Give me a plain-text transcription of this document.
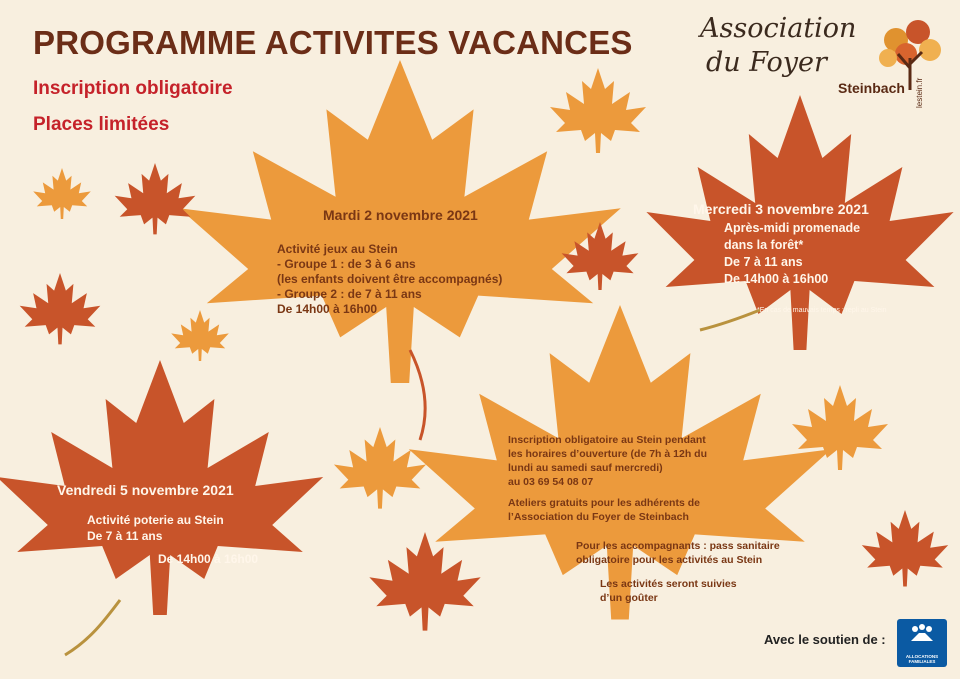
PROGRAMME ACTIVITES VACANCES
Inscription obligatoire
Places limitées
Association
du Foyer
Steinbach lestein.fr
Mardi 2 novembre 2021
Activité jeux au Stein
- Groupe 1 : de 3 à 6 ans
(les enfants doivent être accompagnés)
- Groupe 2 : de 7 à 11 ans
De 14h00 à 16h00
Mercredi 3 novembre 2021
Après-midi promenade
dans la forêt*
De 7 à 11 ans
De 14h00 à 16h00
*En cas de mauvais temps : repli au Stein
Vendredi 5 novembre 2021
Activité poterie au Stein
De 7 à 11 ans
De 14h00 à 16h00
Inscription obligatoire au Stein pendant
les horaires d’ouverture (de 7h à 12h du
lundi au samedi sauf mercredi)
au 03 69 54 08 07
Ateliers gratuits pour les adhérents de
l’Association du Foyer de Steinbach
Pour les accompagnants : pass sanitaire
obligatoire pour les activités au Stein
Les activités seront suivies
d’un goûter
Avec le soutien de :
ALLOCATIONS FAMILIALES
